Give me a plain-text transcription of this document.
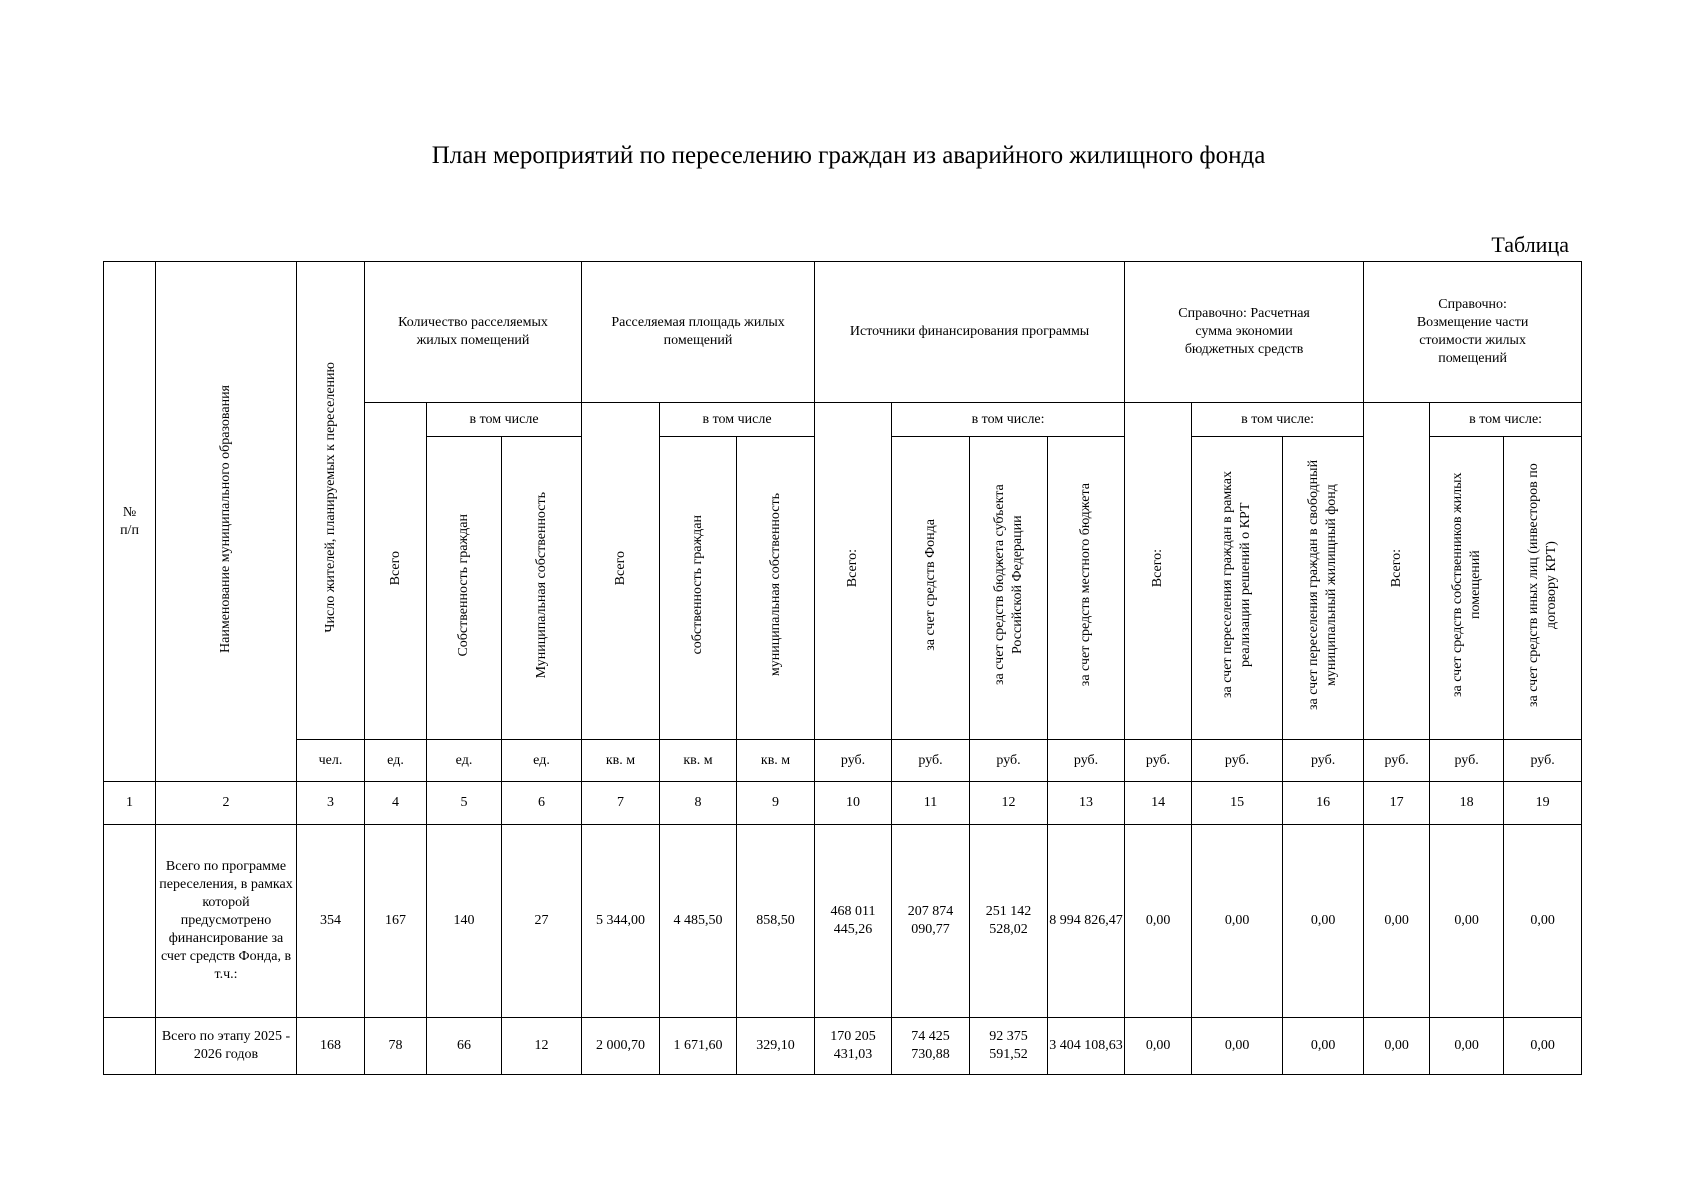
План мероприятий по переселению граждан из аварийного жилищного фонда
Таблица
№ п/п	Наименование муниципального образования	Число жителей, планируемых к переселению	Количество расселяемых жилых помещений			Расселяемая площадь жилых помещений			Источники финансирования программы				Справочно: Расчетная сумма экономии бюджетных средств			Справочно: Возмещение части стоимости жилых помещений		

			Всего	в том числе		Всего	в том числе		Всего:	в том числе:			Всего:	в том числе:		Всего:	в том числе:	
				Собственность граждан	Муниципальная собственность		собственность граждан	муниципальная собственность		за счет средств Фонда	за счет средств бюджета субъекта Российской Федерации	за счет средств местного бюджета		за счет переселения граждан в рамках реализации решений о КРТ	за счет переселения граждан в свободный муниципальный жилищный фонд		за счет средств собственников жилых помещений	за счет средств иных лиц (инвесторов по договору КРТ)
		чел.	ед.	ед.	ед.	кв. м	кв. м	кв. м	руб.	руб.	руб.	руб.	руб.	руб.	руб.	руб.	руб.	руб.
1	2	3	4	5	6	7	8	9	10	11	12	13	14	15	16	17	18	19
	Всего по программе переселения, в рамках которой предусмотрено финансирование за счет средств Фонда, в т.ч.:	354	167	140	27	5 344,00	4 485,50	858,50	468 011 445,26	207 874 090,77	251 142 528,02	8 994 826,47	0,00	0,00	0,00	0,00	0,00	0,00
	Всего по этапу 2025 - 2026 годов	168	78	66	12	2 000,70	1 671,60	329,10	170 205 431,03	74 425 730,88	92 375 591,52	3 404 108,63	0,00	0,00	0,00	0,00	0,00	0,00
